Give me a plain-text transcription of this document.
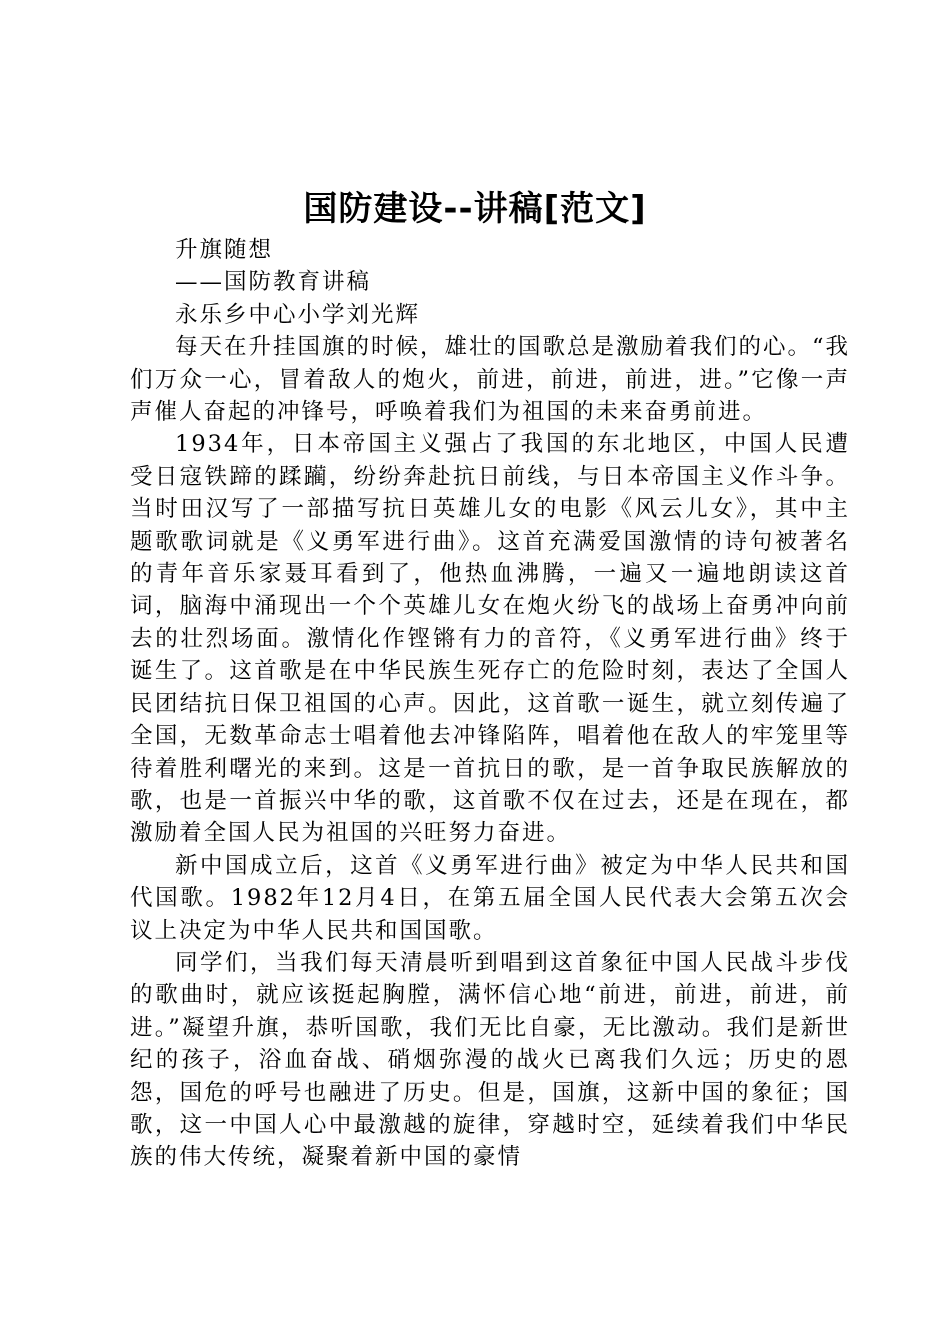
国防建设--讲稿[范文]

升旗随想

——国防教育讲稿

永乐乡中心小学刘光辉

每天在升挂国旗的时候，雄壮的国歌总是激励着我们的心。“我们万众一心，冒着敌人的炮火，前进，前进，前进，进。”它像一声声催人奋起的冲锋号，呼唤着我们为祖国的未来奋勇前进。

1934年，日本帝国主义强占了我国的东北地区，中国人民遭受日寇铁蹄的蹂躏，纷纷奔赴抗日前线，与日本帝国主义作斗争。当时田汉写了一部描写抗日英雄儿女的电影《风云儿女》，其中主题歌歌词就是《义勇军进行曲》。这首充满爱国激情的诗句被著名的青年音乐家聂耳看到了，他热血沸腾，一遍又一遍地朗读这首词，脑海中涌现出一个个英雄儿女在炮火纷飞的战场上奋勇冲向前去的壮烈场面。激情化作铿锵有力的音符，《义勇军进行曲》终于诞生了。这首歌是在中华民族生死存亡的危险时刻，表达了全国人民团结抗日保卫祖国的心声。因此，这首歌一诞生，就立刻传遍了全国，无数革命志士唱着他去冲锋陷阵，唱着他在敌人的牢笼里等待着胜利曙光的来到。这是一首抗日的歌，是一首争取民族解放的歌，也是一首振兴中华的歌，这首歌不仅在过去，还是在现在，都激励着全国人民为祖国的兴旺努力奋进。

新中国成立后，这首《义勇军进行曲》被定为中华人民共和国代国歌。1982年12月4日，在第五届全国人民代表大会第五次会议上决定为中华人民共和国国歌。

同学们，当我们每天清晨听到唱到这首象征中国人民战斗步伐的歌曲时，就应该挺起胸膛，满怀信心地“前进，前进，前进，前进。”凝望升旗，恭听国歌，我们无比自豪，无比激动。我们是新世纪的孩子，浴血奋战、硝烟弥漫的战火已离我们久远；历史的恩怨，国危的呼号也融进了历史。但是，国旗，这新中国的象征；国歌，这一中国人心中最激越的旋律，穿越时空，延续着我们中华民族的伟大传统，凝聚着新中国的豪情
